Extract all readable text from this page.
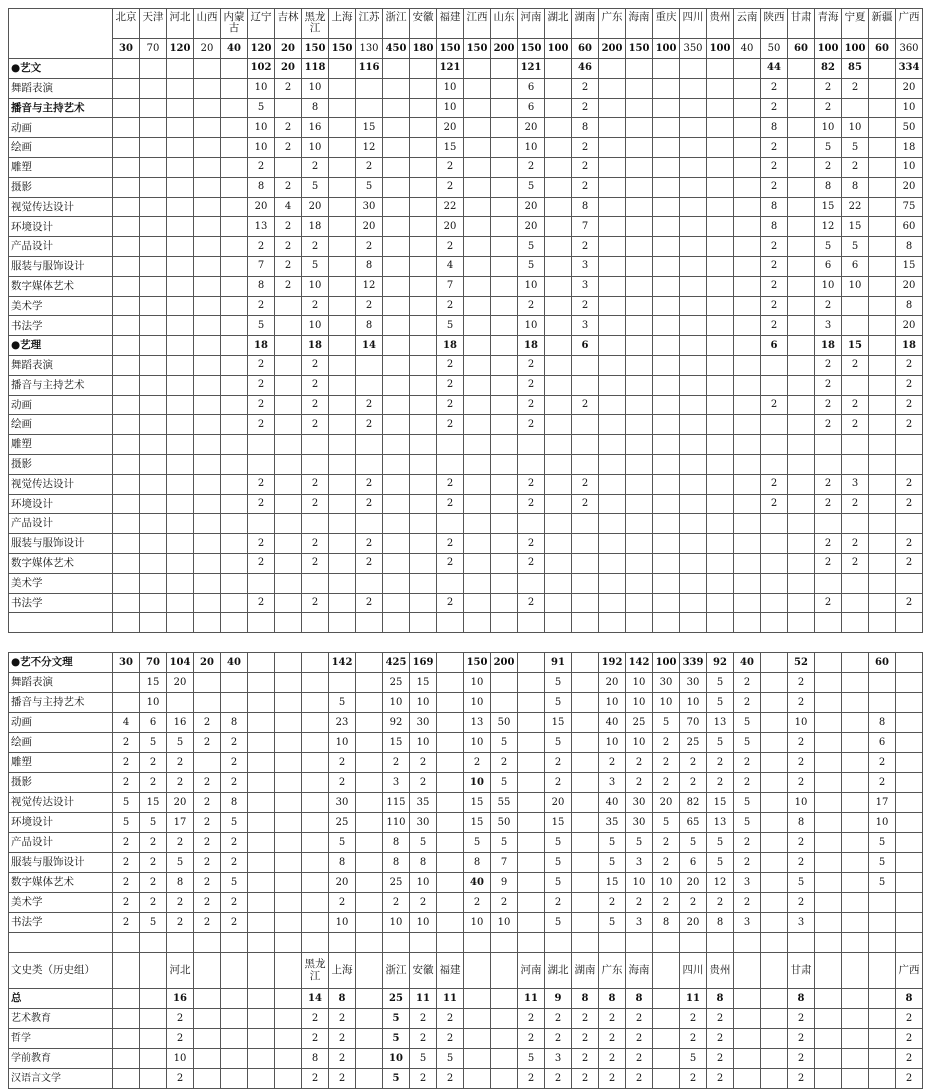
	北京	天津	河北	山西	内蒙古	辽宁	吉林	黑龙江	上海	江苏	浙江	安徽	福建	江西	山东	河南	湖北	湖南	广东	海南	重庆	四川	贵州	云南	陕西	甘肃	青海	宁夏	新疆	广西
	30	70	120	20	40	120	20	150	150	130	450	180	150	150	200	150	100	60	200	150	100	350	100	40	50	60	100	100	60	360
●艺文						102	20	118		116			121			121		46							44		82	85		334
舞蹈表演						10	2	10					10			6		2							2		2	2		20
播音与主持艺术						5		8					10			6		2							2		2			10
动画						10	2	16		15			20			20		8							8		10	10		50
绘画						10	2	10		12			15			10		2							2		5	5		18
雕塑						2		2		2			2			2		2							2		2	2		10
摄影						8	2	5		5			2			5		2							2		8	8		20
视觉传达设计						20	4	20		30			22			20		8							8		15	22		75
环境设计						13	2	18		20			20			20		7							8		12	15		60
产品设计						2	2	2		2			2			5		2							2		5	5		8
服装与服饰设计						7	2	5		8			4			5		3							2		6	6		15
数字媒体艺术						8	2	10		12			7			10		3							2		10	10		20
美术学						2		2		2			2			2		2							2		2			8
书法学						5		10		8			5			10		3							2		3			20
●艺理						18		18		14			18			18		6							6		18	15		18
舞蹈表演						2		2					2			2											2	2		2
播音与主持艺术						2		2					2			2											2			2
动画						2		2		2			2			2		2							2		2	2		2
绘画						2		2		2			2			2											2	2		2
雕塑																														
摄影																														
视觉传达设计						2		2		2			2			2		2							2		2	3		2
环境设计						2		2		2			2			2		2							2		2	2		2
产品设计																														
服装与服饰设计						2		2		2			2			2											2	2		2
数字媒体艺术						2		2		2			2			2											2	2		2
美术学																														
书法学						2		2		2			2			2											2			2

●艺不分文理	30	70	104	20	40				142		425	169		150	200		91		192	142	100	339	92	40		52			60	
舞蹈表演		15	20								25	15		10			5		20	10	30	30	5	2		2				
播音与主持艺术		10							5		10	10		10			5		10	10	10	10	5	2		2				
动画	4	6	16	2	8				23		92	30		13	50		15		40	25	5	70	13	5		10			8	
绘画	2	5	5	2	2				10		15	10		10	5		5		10	10	2	25	5	5		2			6	
雕塑	2	2	2		2				2		2	2		2	2		2		2	2	2	2	2	2		2			2	
摄影	2	2	2	2	2				2		3	2		10	5		2		3	2	2	2	2	2		2			2	
视觉传达设计	5	15	20	2	8				30		115	35		15	55		20		40	30	20	82	15	5		10			17	
环境设计	5	5	17	2	5				25		110	30		15	50		15		35	30	5	65	13	5		8			10	
产品设计	2	2	2	2	2				5		8	5		5	5		5		5	5	2	5	5	2		2			5	
服装与服饰设计	2	2	5	2	2				8		8	8		8	7		5		5	3	2	6	5	2		2			5	
数字媒体艺术	2	2	8	2	5				20		25	10		40	9		5		15	10	10	20	12	3		5			5	
美术学	2	2	2	2	2				2		2	2		2	2		2		2	2	2	2	2	2		2				
书法学	2	5	2	2	2				10		10	10		10	10		5		5	3	8	20	8	3		3				

文史类（历史组）			河北					黑龙江	上海		浙江	安徽	福建			河南	湖北	湖南	广东	海南		四川	贵州			甘肃				广西
总			16					14	8		25	11	11			11	9	8	8	8		11	8			8				8
艺术教育			2					2	2		5	2	2			2	2	2	2	2		2	2			2				2
哲学			2					2	2		5	2	2			2	2	2	2	2		2	2			2				2
学前教育			10					8	2		10	5	5			5	3	2	2	2		5	2			2				2
汉语言文学			2					2	2		5	2	2			2	2	2	2	2		2	2			2				2
